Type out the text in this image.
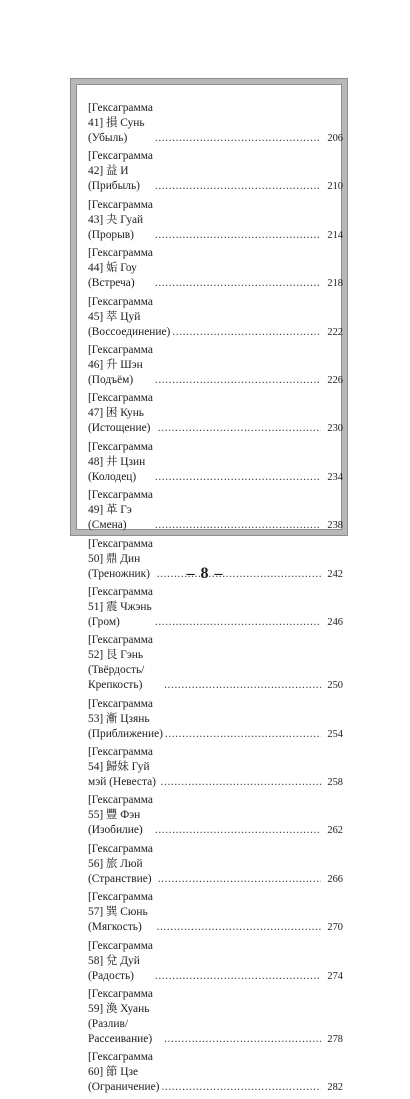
[Гексаграмма 41] 損 Сунь (Убыль) .....	206
[Гексаграмма 42] 益 И (Прибыль) .....	210
[Гексаграмма 43] 夬 Гуай (Прорыв) .....	214
[Гексаграмма 44] 姤 Гоу (Встреча) .....	218
[Гексаграмма 45] 萃 Цуй (Воссоединение) .....	222
[Гексаграмма 46] 升 Шэн (Подъём) .....	226
[Гексаграмма 47] 困 Кунь (Истощение) .....	230
[Гексаграмма 48] 井 Цзин (Колодец) .....	234
[Гексаграмма 49] 革 Гэ (Смена) .....	238
[Гексаграмма 50] 鼎 Дин (Треножник) .....	242
[Гексаграмма 51] 震 Чжэнь (Гром) .....	246
[Гексаграмма 52] 艮 Гэнь
(Твёрдость/Крепкость) .....	250
[Гексаграмма 53] 漸 Цзянь (Приближение) .....	254
[Гексаграмма 54] 歸妹 Гуй мэй (Невеста) .....	258
[Гексаграмма 55] 豐 Фэн (Изобилие) .....	262
[Гексаграмма 56] 旅 Люй (Странствие) .....	266
[Гексаграмма 57] 巽 Сюнь (Мягкость) .....	270
[Гексаграмма 58] 兌 Дуй (Радость) .....	274
[Гексаграмма 59] 渙 Хуань
(Разлив/Рассеивание) .....	278
[Гексаграмма 60] 節 Цзе (Ограничение) .....	282
– 8 –
